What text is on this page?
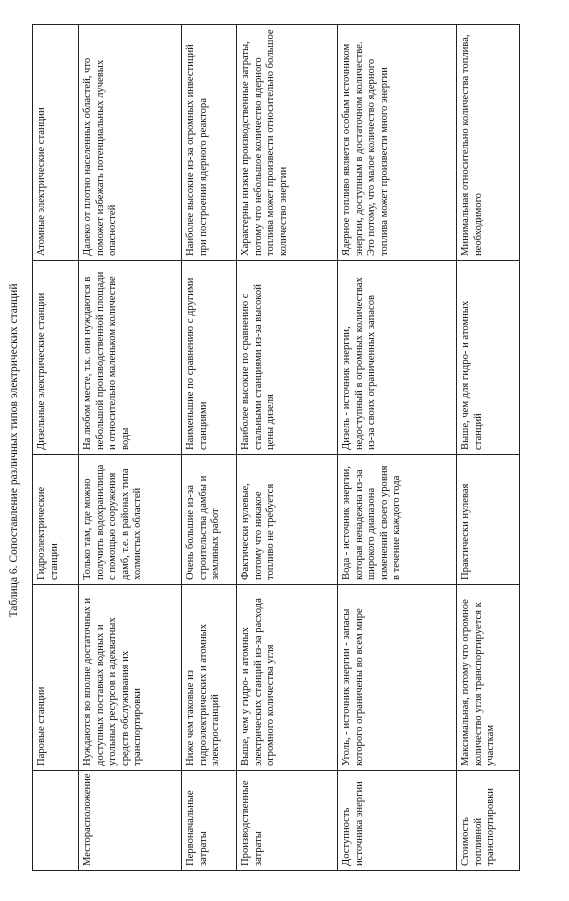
Таблица 6. Сопоставление различных типов электрических станций
	Паровые станции	Гидроэлектрические станции	Дизельные электрические станции	Атомные электрические станции
Месторасположение	Нуждаются во вполне достаточных и доступных поставках водных и угольных ресурсов и адекватных средств обслуживания их транспортировки	Только там, где можно получить водохранилища с помощью сооружения дамб, т.е. в районах типа холмистых областей	На любом месте, т.к. они нуждаются в небольшой производственной площади и относительно маленьком количестве воды	Далеко от плотно населенных областей, что поможет избежать потенциальных лучевых опасностей
Первоначальные затраты	Ниже чем таковые из гидроэлектрических и атомных электростанций	Очень большие из-за строительства дамбы и земляных работ	Наименьшие по сравнению с другими станциями	Наиболее высокие из-за огромных инвестиций при построении ядерного реактора
Производственные затраты	Выше, чем у гидро- и атомных электрических станций из-за расхода огромного количества угля	Фактически нулевые, потому что никакое топливо не требуется	Наиболее высокие по сравнению с стальными станциями из-за высокой цены дизеля	Характерны низкие производственные затраты, потому что небольшое количество ядерного топлива может произвести относительно большое количество энергии
Доступность источника энергии	Уголь, - источник энергии - запасы которого ограничены во всем мире	Вода - источник энергии, которая ненадежна из-за широкого диапазона изменений своего уровня в течение каждого года	Дизель - источник энергии, недоступный в огромных количествах из-за своих ограниченных запасов	Ядерное топливо является особым источником энергии, доступным в достаточном количестве. Это потому, что малое количество ядерного топлива может произвести много энергии
Стоимость топливной транспортировки	Максимальная, потому что огромное количество угля транспортируется к участкам	Практически нулевая	Выше, чем для гидро- и атомных станций	Минимальная относительно количества топлива, необходимого
